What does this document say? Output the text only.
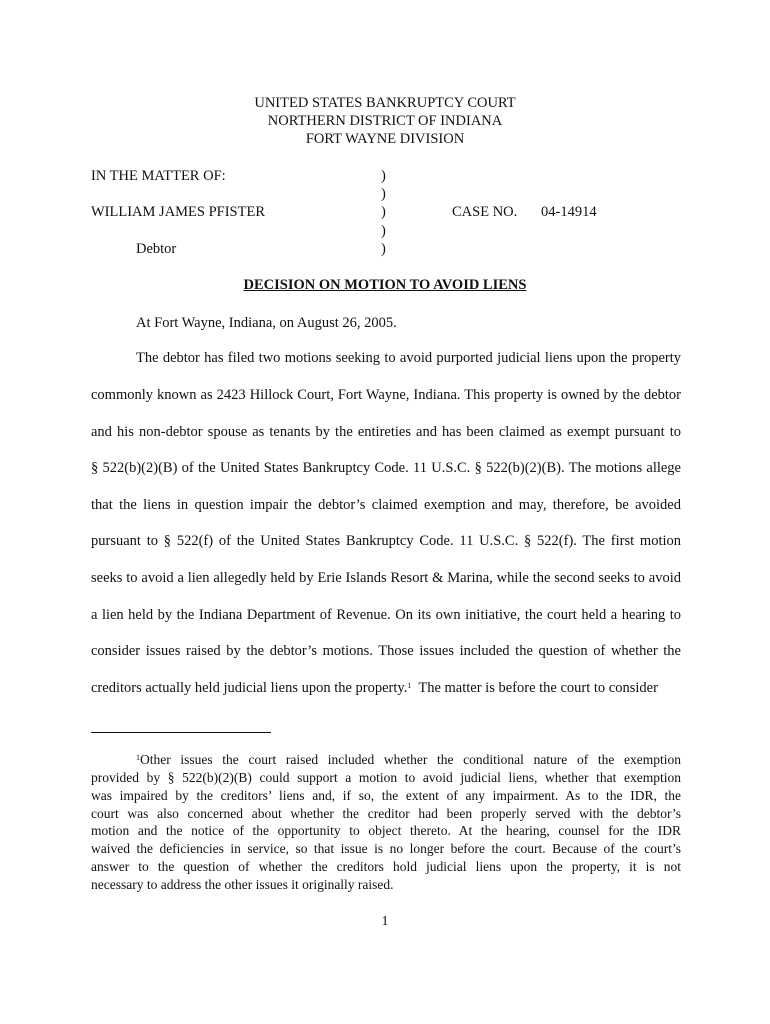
UNITED STATES BANKRUPTCY COURT
NORTHERN DISTRICT OF INDIANA
FORT WAYNE DIVISION
IN THE MATTER OF:
WILLIAM JAMES PFISTER
Debtor
)
)
)
)
)
CASE NO. 04-14914
DECISION ON MOTION TO AVOID LIENS
At Fort Wayne, Indiana, on August 26, 2005.
The debtor has filed two motions seeking to avoid purported judicial liens upon the property
commonly known as 2423 Hillock Court, Fort Wayne, Indiana. This property is owned by the debtor
and his non-debtor spouse as tenants by the entireties and has been claimed as exempt pursuant to
§ 522(b)(2)(B) of the United States Bankruptcy Code. 11 U.S.C. § 522(b)(2)(B). The motions allege
that the liens in question impair the debtor’s claimed exemption and may, therefore, be avoided
pursuant to § 522(f) of the United States Bankruptcy Code. 11 U.S.C. § 522(f). The first motion
seeks to avoid a lien allegedly held by Erie Islands Resort & Marina, while the second seeks to avoid
a lien held by the Indiana Department of Revenue. On its own initiative, the court held a hearing to
consider issues raised by the debtor’s motions. Those issues included the question of whether the
creditors actually held judicial liens upon the property.$^1$  The matter is before the court to consider
$^1$Other issues the court raised included whether the conditional nature of the exemption
provided by § 522(b)(2)(B) could support a motion to avoid judicial liens, whether that exemption
was impaired by the creditors’ liens and, if so, the extent of any impairment. As to the IDR, the
court was also concerned about whether the creditor had been properly served with the debtor’s
motion and the notice of the opportunity to object thereto. At the hearing, counsel for the IDR
waived the deficiencies in service, so that issue is no longer before the court. Because of the court’s
answer to the question of whether the creditors hold judicial liens upon the property, it is not
necessary to address the other issues it originally raised.
1
